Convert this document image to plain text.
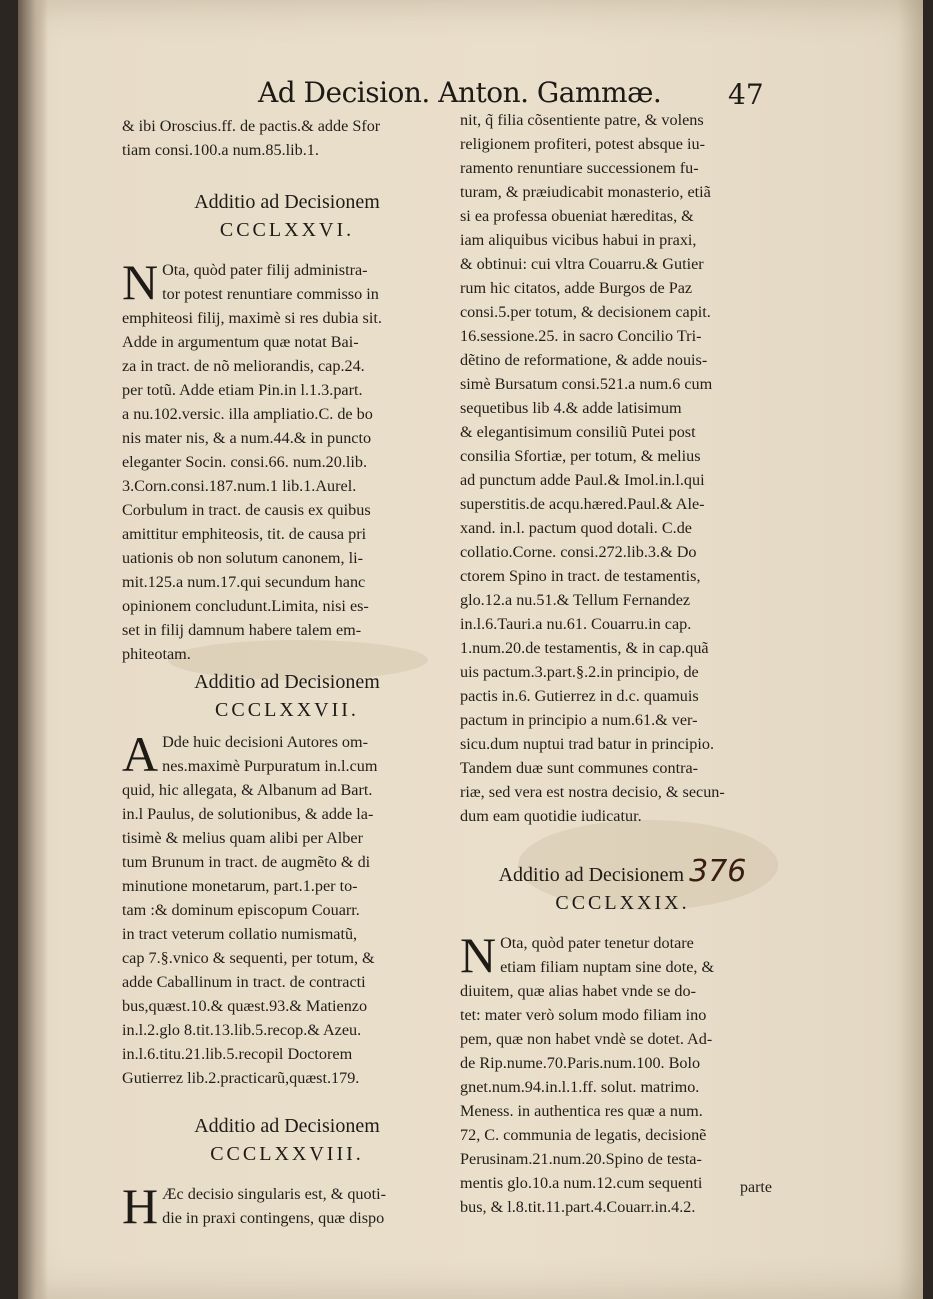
Ad Decision. Anton. Gammæ. 47
& ibi Oroscius.ff. de pactis.& adde Sfor
tiam consi.100.a num.85.lib.1.
Additio ad Decisionem
CCCLXXVI.
N Ota, quòd pater filij administra-
tor potest renuntiare commisso in
emphiteosi filij, maximè si res dubia sit.
Adde in argumentum quæ notat Bai-
za in tract. de nõ meliorandis, cap.24.
per totũ. Adde etiam Pin.in l.1.3.part.
a nu.102.versic. illa ampliatio.C. de bo
nis mater nis, & a num.44.& in puncto
eleganter Socin. consi.66. num.20.lib.
3.Corn.consi.187.num.1 lib.1.Aurel.
Corbulum in tract. de causis ex quibus
amittitur emphiteosis, tit. de causa pri
uationis ob non solutum canonem, li-
mit.125.a num.17.qui secundum hanc
opinionem concludunt.Limita, nisi es-
set in filij damnum habere talem em-
phiteotam.
Additio ad Decisionem
CCCLXXVII.
A Dde huic decisioni Autores om-
nes.maximè Purpuratum in.l.cum
quid, hic allegata, & Albanum ad Bart.
in.l Paulus, de solutionibus, & adde la-
tisimè & melius quam alibi per Alber
tum Brunum in tract. de augmẽto & di
minutione monetarum, part.1.per to-
tam :& dominum episcopum Couarr.
in tract veterum collatio numismatũ,
cap 7.§.vnico & sequenti, per totum, &
adde Caballinum in tract. de contracti
bus,quæst.10.& quæst.93.& Matienzo
in.l.2.glo 8.tit.13.lib.5.recop.& Azeu.
in.l.6.titu.21.lib.5.recopil Doctorem
Gutierrez lib.2.practicarũ,quæst.179.
Additio ad Decisionem
CCCLXXVIII.
H Æc decisio singularis est, & quoti-
die in praxi contingens, quæ dispo
nit, q̃ filia cõsentiente patre, & volens
religionem profiteri, potest absque iu-
ramento renuntiare successionem fu-
turam, & præiudicabit monasterio, etiã
si ea professa obueniat hæreditas, &
iam aliquibus vicibus habui in praxi,
& obtinui: cui vltra Couarru.& Gutier
rum hic citatos, adde Burgos de Paz
consi.5.per totum, & decisionem capit.
16.sessione.25. in sacro Concilio Tri-
dẽtino de reformatione, & adde nouis-
simè Bursatum consi.521.a num.6 cum
sequetibus lib 4.& adde latisimum
& elegantisimum consiliũ Putei post
consilia Sfortiæ, per totum, & melius
ad punctum adde Paul.& Imol.in.l.qui
superstitis.de acqu.hæred.Paul.& Ale-
xand. in.l. pactum quod dotali. C.de
collatio.Corne. consi.272.lib.3.& Do
ctorem Spino in tract. de testamentis,
glo.12.a nu.51.& Tellum Fernandez
in.l.6.Tauri.a nu.61. Couarru.in cap.
1.num.20.de testamentis, & in cap.quã
uis pactum.3.part.§.2.in principio, de
pactis in.6. Gutierrez in d.c. quamuis
pactum in principio a num.61.& ver-
sicu.dum nuptui trad batur in principio.
Tandem duæ sunt communes contra-
riæ, sed vera est nostra decisio, & secun-
dum eam quotidie iudicatur.
Additio ad Decisionem 376
CCCLXXIX.
N Ota, quòd pater tenetur dotare
etiam filiam nuptam sine dote, &
diuitem, quæ alias habet vnde se do-
tet: mater verò solum modo filiam ino
pem, quæ non habet vndè se dotet. Ad-
de Rip.nume.70.Paris.num.100. Bolo
gnet.num.94.in.l.1.ff. solut. matrimo.
Meness. in authentica res quæ a num.
72, C. communia de legatis, decisionẽ
Perusinam.21.num.20.Spino de testa-
mentis glo.10.a num.12.cum sequenti
bus, & l.8.tit.11.part.4.Couarr.in.4.2.
parte
